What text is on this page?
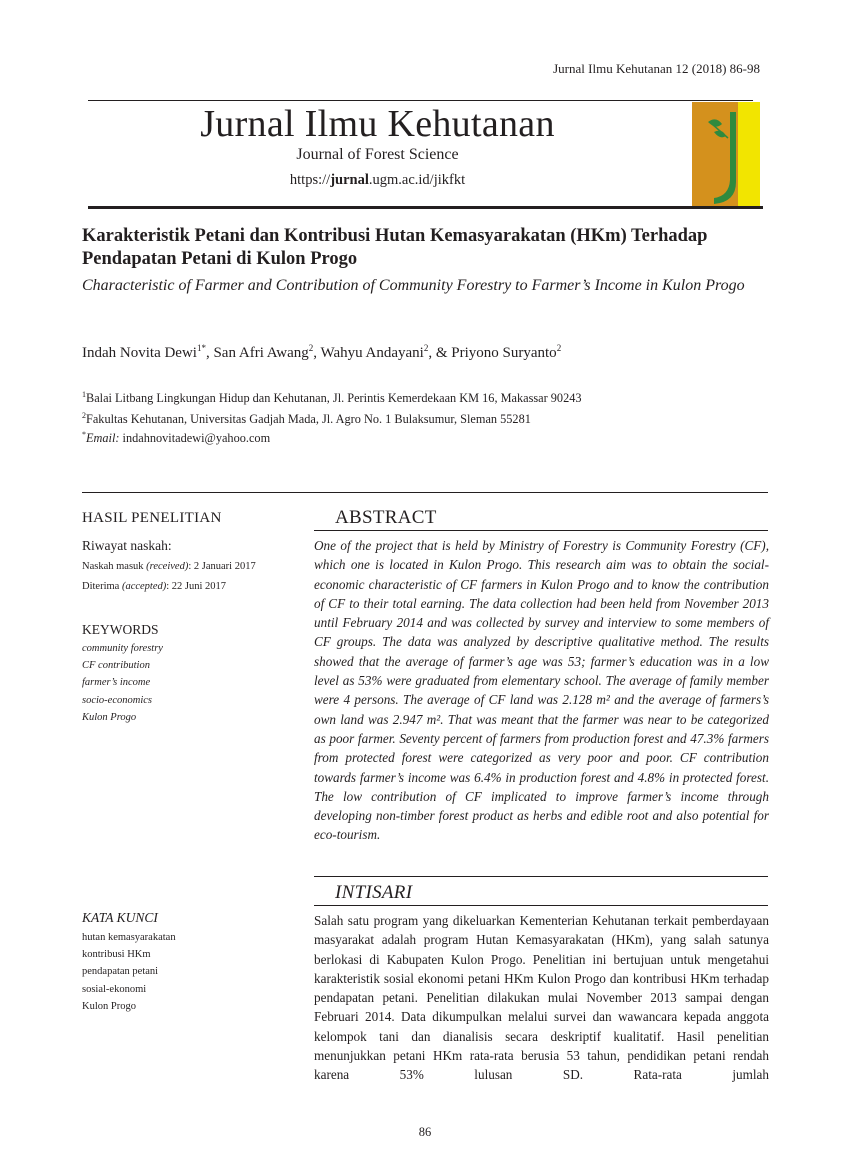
Jurnal Ilmu Kehutanan 12 (2018) 86-98
Jurnal Ilmu Kehutanan
Journal of Forest Science
https://jurnal.ugm.ac.id/jikfkt
Karakteristik Petani dan Kontribusi Hutan Kemasyarakatan (HKm) Terhadap Pendapatan Petani di Kulon Progo
Characteristic of Farmer and Contribution of Community Forestry to Farmer’s Income in Kulon Progo
Indah Novita Dewi$^{1*}$, San Afri Awang$^2$, Wahyu Andayani$^2$, & Priyono Suryanto$^2$
$^1$Balai Litbang Lingkungan Hidup dan Kehutanan, Jl. Perintis Kemerdekaan KM 16, Makassar 90243
$^2$Fakultas Kehutanan, Universitas Gadjah Mada, Jl. Agro No. 1 Bulaksumur, Sleman 55281
*Email: indahnovitadewi@yahoo.com
HASIL PENELITIAN
Riwayat naskah:
Naskah masuk (received): 2 Januari 2017
Diterima (accepted): 22 Juni 2017
KEYWORDS
community forestry
CF contribution
farmer’s income
socio-economics
Kulon Progo
ABSTRACT
One of the project that is held by Ministry of Forestry is Community Forestry (CF), which one is located in Kulon Progo. This research aim was to obtain the social-economic characteristic of CF farmers in Kulon Progo and to know the contribution of CF to their total earning. The data collection had been held from November 2013 until February 2014 and was collected by survey and interview to some members of CF groups. The data was analyzed by descriptive qualitative method. The results showed that the average of farmer’s age was 53; farmer’s education was in a low level as 53% were graduated from elementary school. The average of family member were 4 persons. The average of CF land was 2.128 m² and the average of farmers’s own land was 2.947 m². That was meant that the farmer was near to be categorized as poor farmer. Seventy percent of farmers from production forest and 47.3% farmers from protected forest were categorized as very poor and poor. CF contribution towards farmer’s income was 6.4% in production forest and 4.8% in protected forest. The low contribution of CF implicated to improve farmer’s income through developing non-timber forest product as herbs and edible root and also potential for eco-tourism.
INTISARI
KATA KUNCI
hutan kemasyarakatan
kontribusi HKm
pendapatan petani
sosial-ekonomi
Kulon Progo
Salah satu program yang dikeluarkan Kementerian Kehutanan terkait pemberdayaan masyarakat adalah program Hutan Kemasyarakatan (HKm), yang salah satunya berlokasi di Kabupaten Kulon Progo. Penelitian ini bertujuan untuk mengetahui karakteristik sosial ekonomi petani HKm Kulon Progo dan kontribusi HKm terhadap pendapatan petani. Penelitian dilakukan mulai November 2013 sampai dengan Februari 2014. Data dikumpulkan melalui survei dan wawancara kepada anggota kelompok tani dan dianalisis secara deskriptif kualitatif. Hasil penelitian menunjukkan petani HKm rata-rata berusia 53 tahun, pendidikan petani rendah karena 53% lulusan SD. Rata-rata jumlah
86
